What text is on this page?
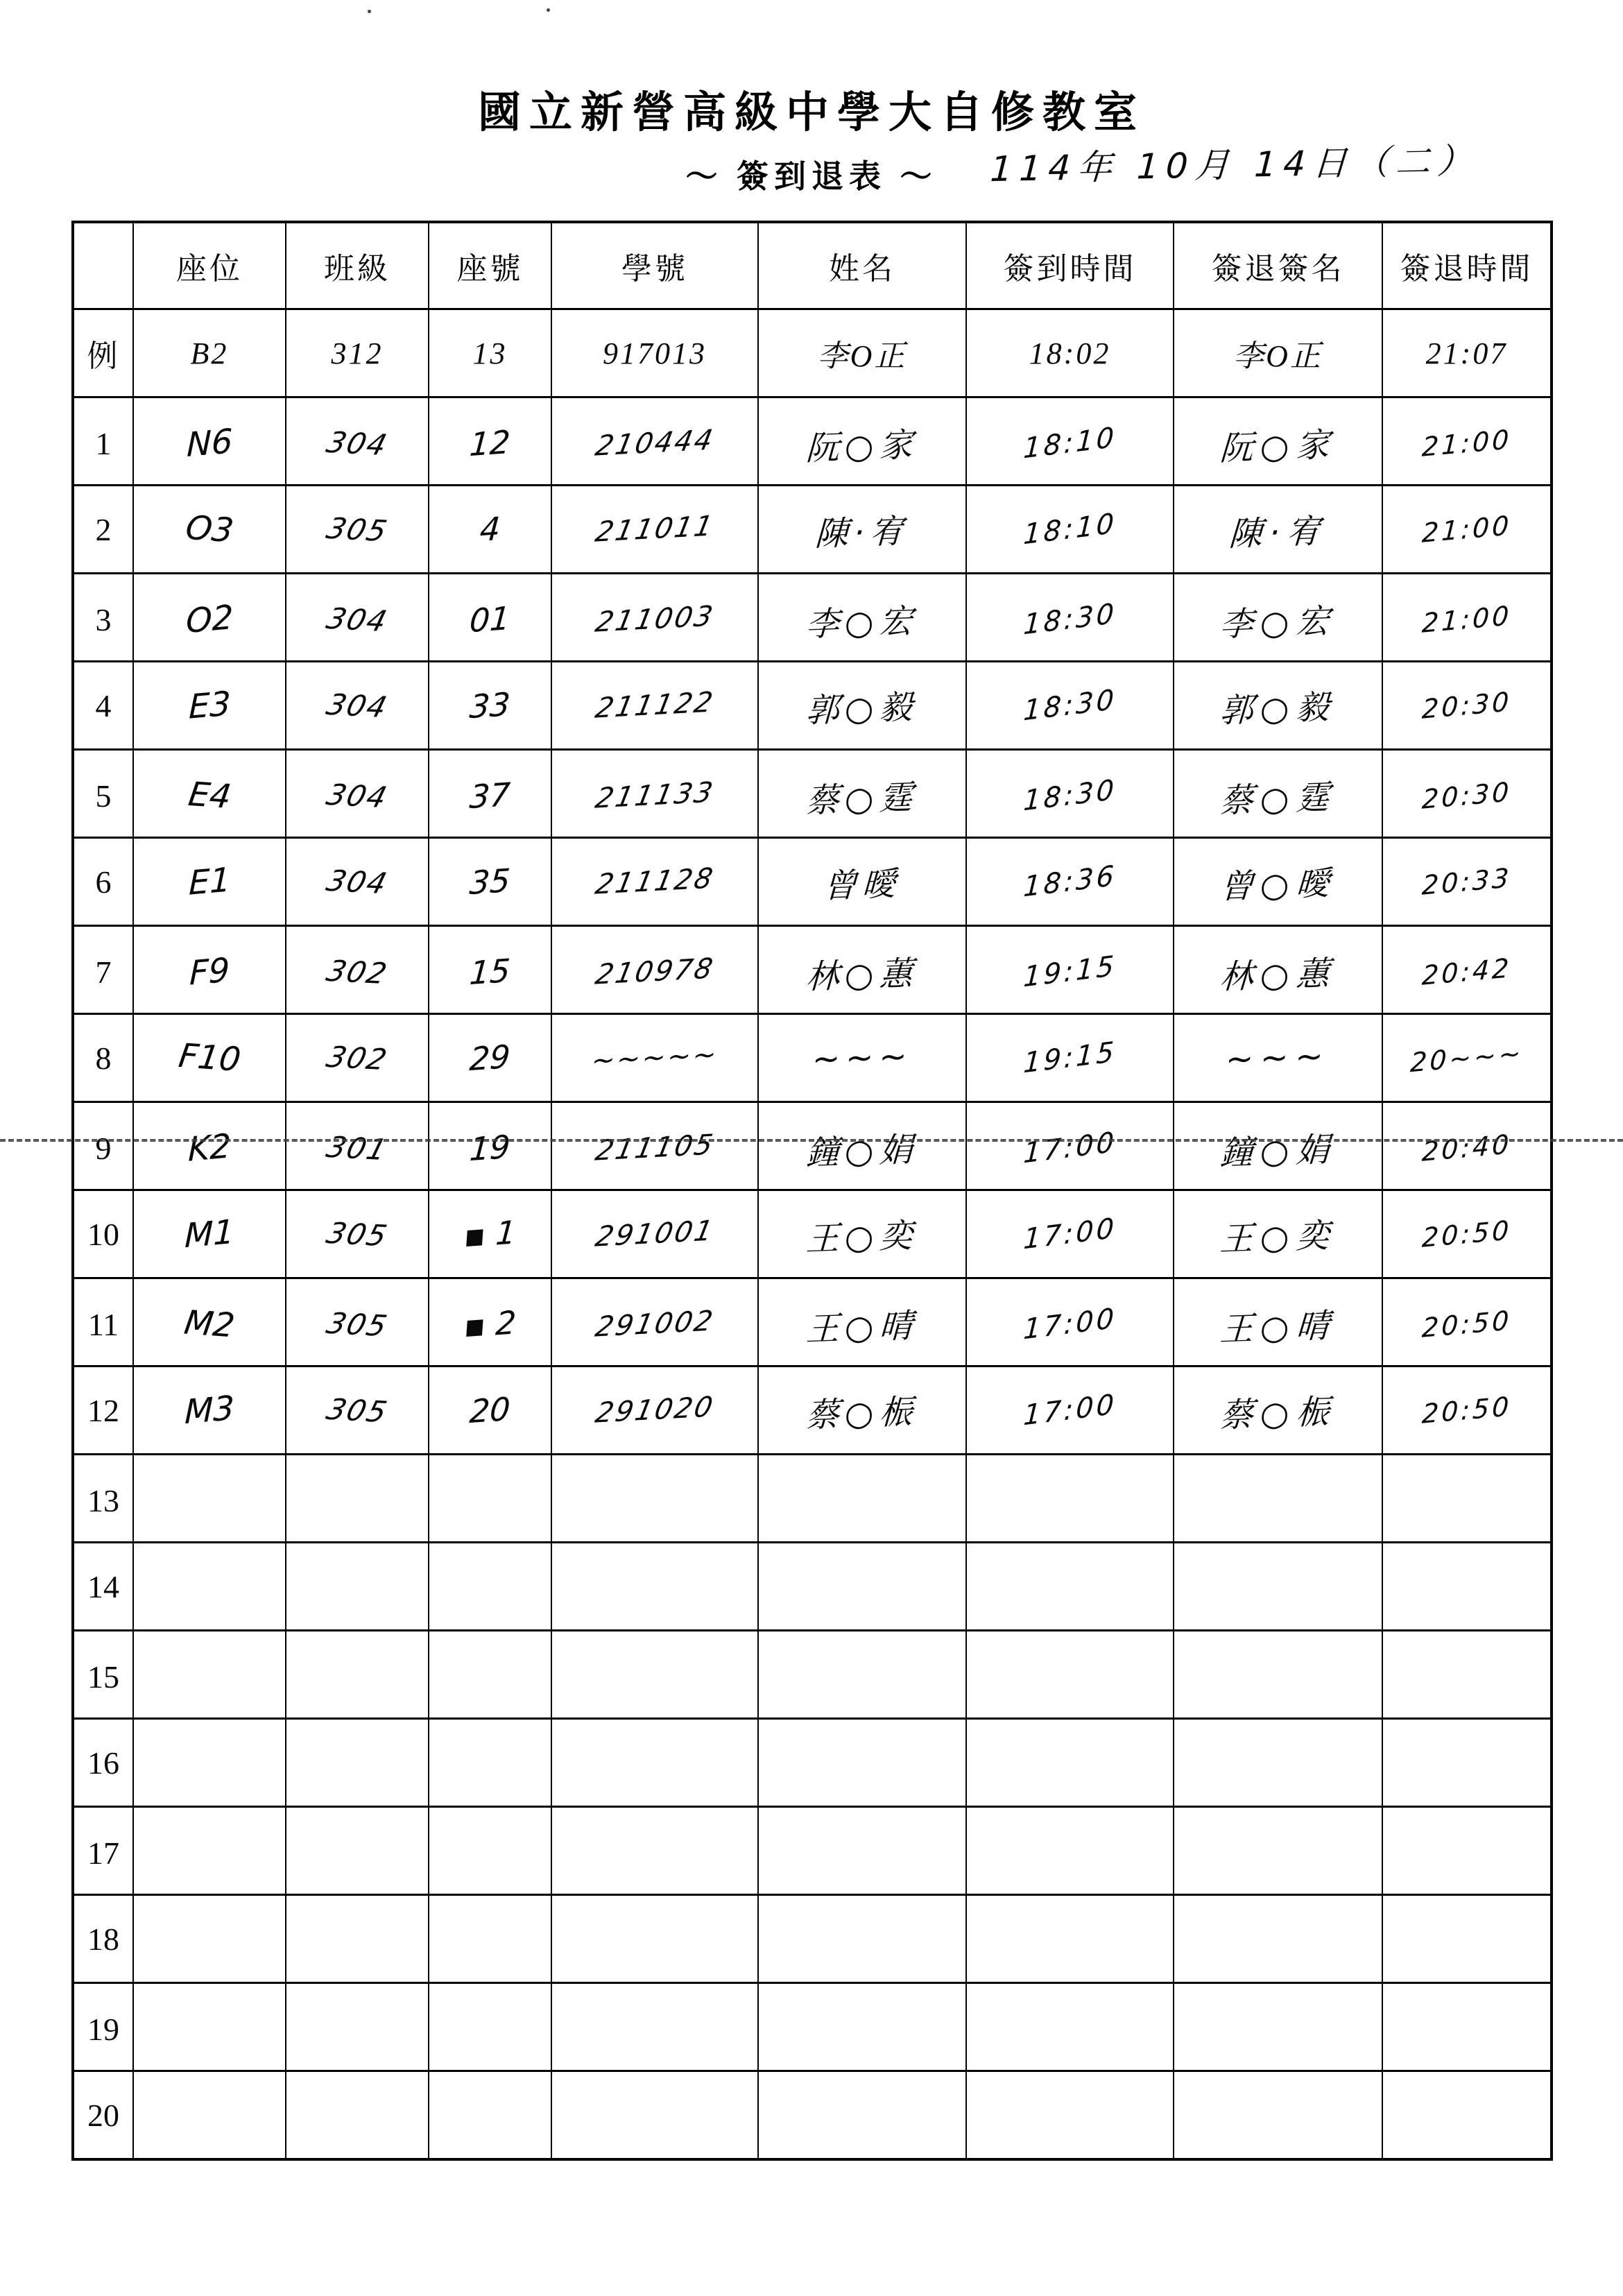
國立新營高級中學大自修教室
～ 簽到退表 ～	114年 10月 14日（二）
	座位	班級	座號	學號	姓名	簽到時間	簽退簽名	簽退時間
例	B2	312	13	917013	李O正	18:02	李O正	21:07
1	N6	304	12	210444	阮○家	18:10	阮○家	21:00
2	O3	305	4	211011	陳·宥	18:10	陳·宥	21:00
3	O2	304	01	211003	李○宏	18:30	李○宏	21:00
4	E3	304	33	211122	郭○毅	18:30	郭○毅	20:30
5	E4	304	37	211133	蔡○霆	18:30	蔡○霆	20:30
6	E1	304	35	211128	曾曖	18:36	曾○曖	20:33
7	F9	302	15	210978	林○蕙	19:15	林○蕙	20:42
8	F10	302	29	~~~~~	~~~	19:15	~~~	20~~~
9	K2	301	19	211105	鐘○娟	17:00	鐘○娟	20:40
10	M1	305	▪ 1	291001	王○奕	17:00	王○奕	20:50
11	M2	305	▪ 2	291002	王○晴	17:00	王○晴	20:50
12	M3	305	20	291020	蔡○桭	17:00	蔡○桭	20:50
13								
14								
15								
16								
17								
18								
19								
20								
